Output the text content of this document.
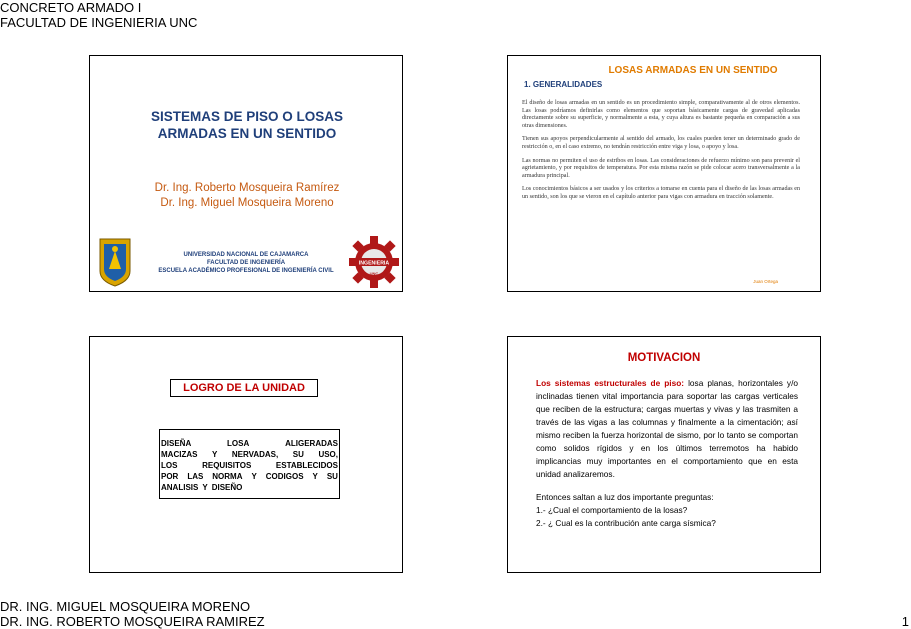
CONCRETO ARMADO I
FACULTAD DE INGENIERIA UNC
SISTEMAS DE PISO O LOSAS
ARMADAS EN UN SENTIDO
Dr. Ing. Roberto Mosqueira Ramírez
Dr. Ing. Miguel Mosqueira Moreno
UNIVERSIDAD NACIONAL DE CAJAMARCA
FACULTAD DE INGENIERÍA
ESCUELA ACADÉMICO PROFESIONAL DE INGENIERÍA CIVIL
INGENIERIA
UNC
LOSAS ARMADAS EN UN SENTIDO
1. GENERALIDADES

El diseño de losas armadas en un sentido es un procedimiento simple, comparativamente al de otros elementos. Las losas podríamos definirlas como elementos que soportan básicamente cargas de gravedad aplicadas directamente sobre su superficie, y normalmente a esta, y cuya altura es bastante pequeña en comparación a sus otras dimensiones.

Tienen sus apoyos perpendicularmente al sentido del armado, los cuales pueden tener un determinado grado de restricción o, en el caso extremo, no tendrán restricción entre viga y losa, o apoyo y losa.

Las normas no permiten el uso de estribos en losas. Las consideraciones de refuerzo mínimo son para prevenir el agrietamiento, y por requisitos de temperatura. Por esta misma razón se pide colocar acero transversalmente a la armadura principal.

Los conocimientos básicos a ser usados y los criterios a tomarse en cuenta para el diseño de las losas armadas en un sentido, son los que se vieron en el capítulo anterior para vigas con armadura en tracción solamente.

Juan Ortega
LOGRO DE LA UNIDAD
DISEÑA	LOSA	ALIGERADAS
MACIZAS Y NERVADAS, SU USO,
LOS	REQUISITOS	ESTABLECIDOS
POR LAS NORMA Y CODIGOS Y SU
ANALISIS Y DISEÑO
MOTIVACION

Los sistemas estructurales de piso: losa planas, horizontales y/o inclinadas tienen vital importancia para soportar las cargas verticales que reciben de la estructura; cargas muertas y vivas y las trasmiten a través de las vigas a las columnas y finalmente a la cimentación; así mismo reciben la fuerza horizontal de sismo, por lo tanto se comportan como solidos rígidos y en los últimos terremotos ha habido implicancias muy importantes en el comportamiento que en esta unidad analizaremos.

Entonces saltan a luz dos importante preguntas:

1.- ¿Cual el comportamiento de la losas?

2.- ¿ Cual es la contribución ante carga sísmica?

DR. ING. MIGUEL MOSQUEIRA MORENO
DR. ING. ROBERTO MOSQUEIRA RAMIREZ	1
